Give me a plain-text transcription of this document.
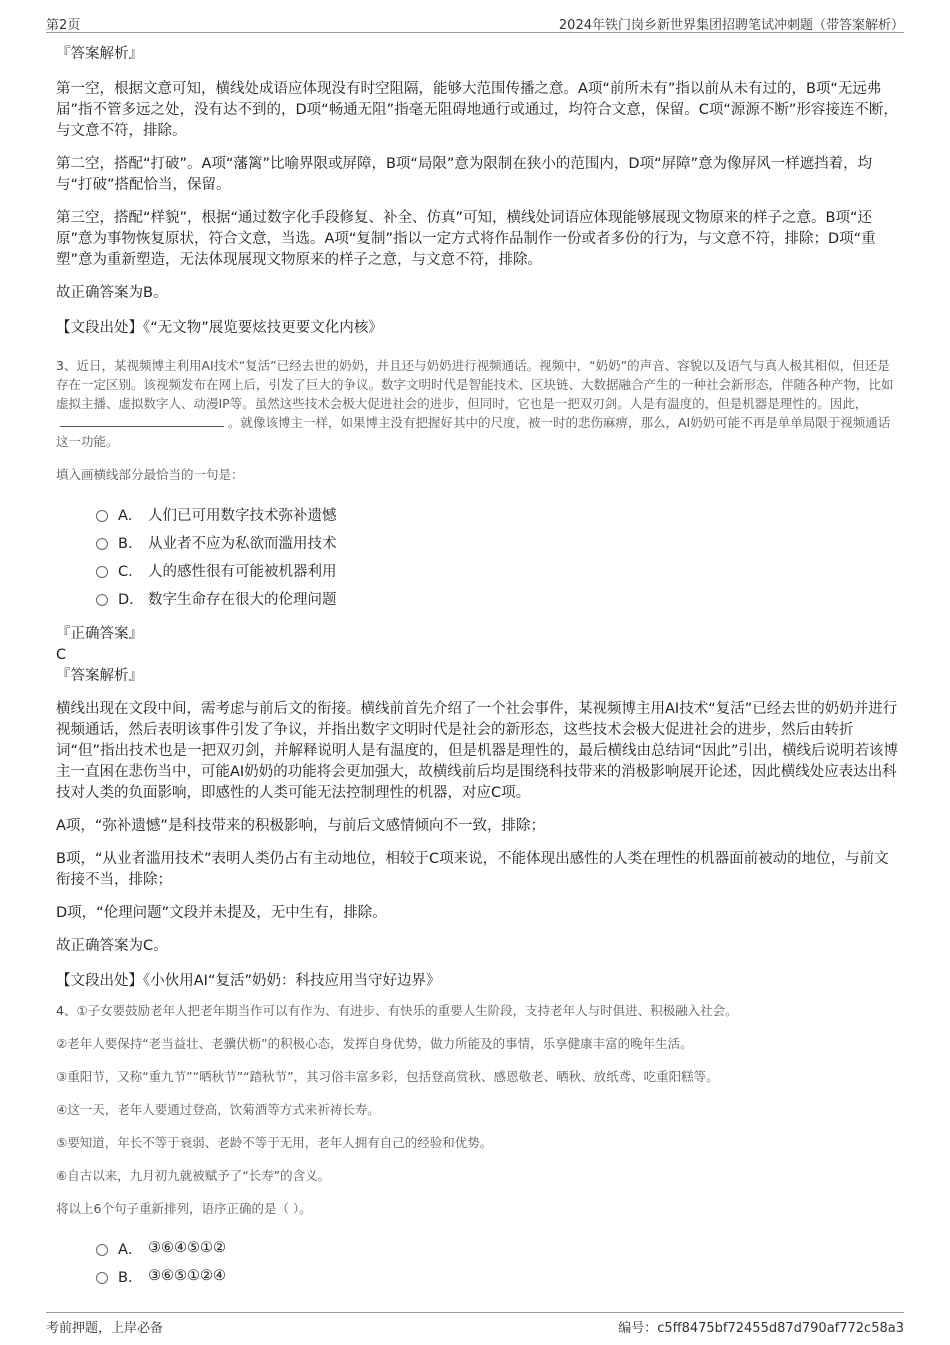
第2页	2024年铁门岗乡新世界集团招聘笔试冲刺题（带答案解析）
『答案解析』
第一空，根据文意可知，横线处成语应体现没有时空阻隔，能够大范围传播之意。A项“前所未有”指以前从未有过的，B项“无远弗届”指不管多远之处，没有达不到的，D项“畅通无阻”指毫无阻碍地通行或通过，均符合文意，保留。C项“源源不断”形容接连不断，与文意不符，排除。
第二空，搭配“打破”。A项“藩篱”比喻界限或屏障，B项“局限”意为限制在狭小的范围内，D项“屏障”意为像屏风一样遮挡着，均与“打破”搭配恰当，保留。
第三空，搭配“样貌”，根据“通过数字化手段修复、补全、仿真”可知，横线处词语应体现能够展现文物原来的样子之意。B项“还原”意为事物恢复原状，符合文意，当选。A项“复制”指以一定方式将作品制作一份或者多份的行为，与文意不符，排除；D项“重塑”意为重新塑造，无法体现展现文物原来的样子之意，与文意不符，排除。
故正确答案为B。
【文段出处】《“无文物”展览要炫技更要文化内核》
3、近日，某视频博主利用AI技术“复活”已经去世的奶奶，并且还与奶奶进行视频通话。视频中，“奶奶”的声音、容貌以及语气与真人极其相似，但还是存在一定区别。该视频发布在网上后，引发了巨大的争议。数字文明时代是智能技术、区块链、大数据融合产生的一种社会新形态，伴随各种产物，比如虚拟主播、虚拟数字人、动漫IP等。虽然这些技术会极大促进社会的进步，但同时，它也是一把双刃剑。人是有温度的，但是机器是理性的。因此，。就像该博主一样，如果博主没有把握好其中的尺度，被一时的悲伤麻痹，那么，AI奶奶可能不再是单单局限于视频通话这一功能。
填入画横线部分最恰当的一句是：
A． 人们已可用数字技术弥补遗憾
B． 从业者不应为私欲而滥用技术
C． 人的感性很有可能被机器利用
D． 数字生命存在很大的伦理问题
『正确答案』
C
『答案解析』
横线出现在文段中间，需考虑与前后文的衔接。横线前首先介绍了一个社会事件，某视频博主用AI技术“复活”已经去世的奶奶并进行视频通话，然后表明该事件引发了争议，并指出数字文明时代是社会的新形态，这些技术会极大促进社会的进步，然后由转折词“但”指出技术也是一把双刃剑，并解释说明人是有温度的，但是机器是理性的，最后横线由总结词“因此”引出，横线后说明若该博主一直困在悲伤当中，可能AI奶奶的功能将会更加强大，故横线前后均是围绕科技带来的消极影响展开论述，因此横线处应表达出科技对人类的负面影响，即感性的人类可能无法控制理性的机器，对应C项。
A项，“弥补遗憾”是科技带来的积极影响，与前后文感情倾向不一致，排除；
B项，“从业者滥用技术”表明人类仍占有主动地位，相较于C项来说，不能体现出感性的人类在理性的机器面前被动的地位，与前文衔接不当，排除；
D项，“伦理问题”文段并未提及，无中生有，排除。
故正确答案为C。
【文段出处】《小伙用AI“复活”奶奶：科技应用当守好边界》
4、①子女要鼓励老年人把老年期当作可以有作为、有进步、有快乐的重要人生阶段，支持老年人与时俱进、积极融入社会。
②老年人要保持“老当益壮、老骥伏枥”的积极心态，发挥自身优势，做力所能及的事情，乐享健康丰富的晚年生活。
③重阳节，又称“重九节”“晒秋节”“踏秋节”，其习俗丰富多彩，包括登高赏秋、感恩敬老、晒秋、放纸鸢、吃重阳糕等。
④这一天，老年人要通过登高，饮菊酒等方式来祈祷长寿。
⑤要知道，年长不等于衰弱、老龄不等于无用，老年人拥有自己的经验和优势。
⑥自古以来，九月初九就被赋予了“长寿”的含义。
将以上6个句子重新排列，语序正确的是（ ）。
A． ③⑥④⑤①②
B． ③⑥⑤①②④
考前押题，上岸必备	编号：c5ff8475bf72455d87d790af772c58a3
